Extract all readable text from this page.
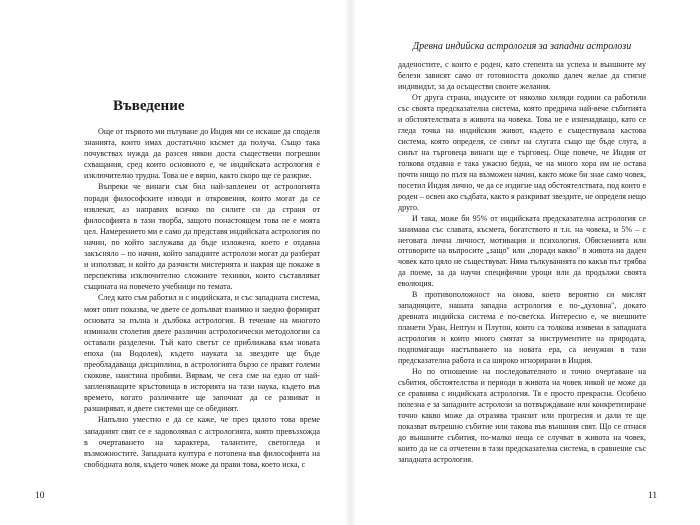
Въведение

Още от първото ми пътуване до Индия ми се искаше да споделя знанията, които имах достатъчно късмет да получа. Също така почувствах нужда да разсея някои доста съществени погрешни схващания, сред които основното е, че индийската астрология е изключително трудна. Това не е вярно, както скоро ще се разкрие.

Въпреки че винаги съм бил най-запленен от астрологията поради философските изводи и откровения, които могат да се извлекат, аз направих всичко по силите си да страня от философията в тази творба, защото понастоящем това не е моята цел. Намерението ми е само да представя индийската астрология по начин, по който заслужава да бъде изложена, което е отдавна закъсняло – по начин, който западните астролози могат да разберат и използват, и който да разчисти мистерията и накрая ще покаже в перспектива изключително сложните техники, които съставляват същината на повечето учебници по темата.

След като съм работил и с индийската, и със западната система, моят опит показва, че двете се допълват взаимно и заедно формират основата за пълна и дълбока астрология. В течение на многото изминали столетия двете различни астрологически методологии са оставали разделени. Тъй като светът се приближава към новата епоха (на Водолея), където науката за звездите ще бъде преобладаваща дисциплина, в астрологията бързо се правят големи скокове, наистина пробиви. Вярвам, че сега сме на едно от най-запленяващите кръстовища в историята на тази наука, където във времето, когато различните ще започнат да се развиват и разширяват, и двете системи ще се обединят.

Напълно уместно е да се каже, че през цялото това време западният свят се е задоволявал с астрологията, която превъзхожда в очертаването на характера, талантите, светогледа и възможностите. Западната култура е потопена във философията на свободната воля, където човек може да прави това, което иска, с

Древна индийска астрология за западни астролози

даденостите, с които е роден, като степента на успеха и външните му белези зависят само от готовността доколко далеч желае да стигне индивидът, за да осъществи своите желания.

От друга страна, индусите от няколко хиляди години са работили със своята предсказателна система, която предрича най-вече събитията и обстоятелствата в живота на човека. Това не е изненадващо, като се гледа точка на индийския живот, където е съществувала кастова система, която определя, се синът на слугата също ще бъде слуга, а синът на търговеца винаги ще е търговец. Още повече, че Индия от толкова отдавна е така ужасно бедна, че на много хора им не остава почти нищо по пътя на възможен начин, както може би знае само човек, посетил Индия лично, че да се издигне над обстоятелствата, под които е роден – освен ако съдбата, както я разкриват звездите, не определя нещо друго.

И така, може би 95% от индийската предсказателна астрология се занимава със славата, късмета, богатството и т.н. на човека, и 5% – с неговата лична личност, мотивация и психология. Обясненията или отговорите на въпросите „защо" или „поради какво" в живота на даден човек като цяло не съществуват. Няма тълкуванията по какъв път трябва да поеме, за да научи специфични уроци или да продължи своята еволюция.

В противоположност на онова, което вероятно си мислят западняците, нашата западна астрология е по-„духовна", докато древната индийска система е по-светска. Интересно е, че внешните планети Уран, Нептун и Плутон, които са толкова изявени в западната астрология и които много смятат за инструментите на природата, подпомагащи настъпването на новата ера, са ненужни в тази предсказателна работа и са широко игнорирани в Индия.

Но по отношение на последователното и точно очертаване на събития, обстоятелства и периоди в живота на човек никой не може да се сравнява с индийската астрология. Тя е просто прекрасна. Особено полезна е за западните астролози за потвърждаване или конкретизиране точно какво може да отразява транзит или прогресия и дали те ще показват вътрешно събитие или такова във външния свят. Що се отнася до външните събития, по-малко неща се случват в живота на човек, които да не са отчетени в тази предсказателна система, в сравнение със западната астрология.

10	11
